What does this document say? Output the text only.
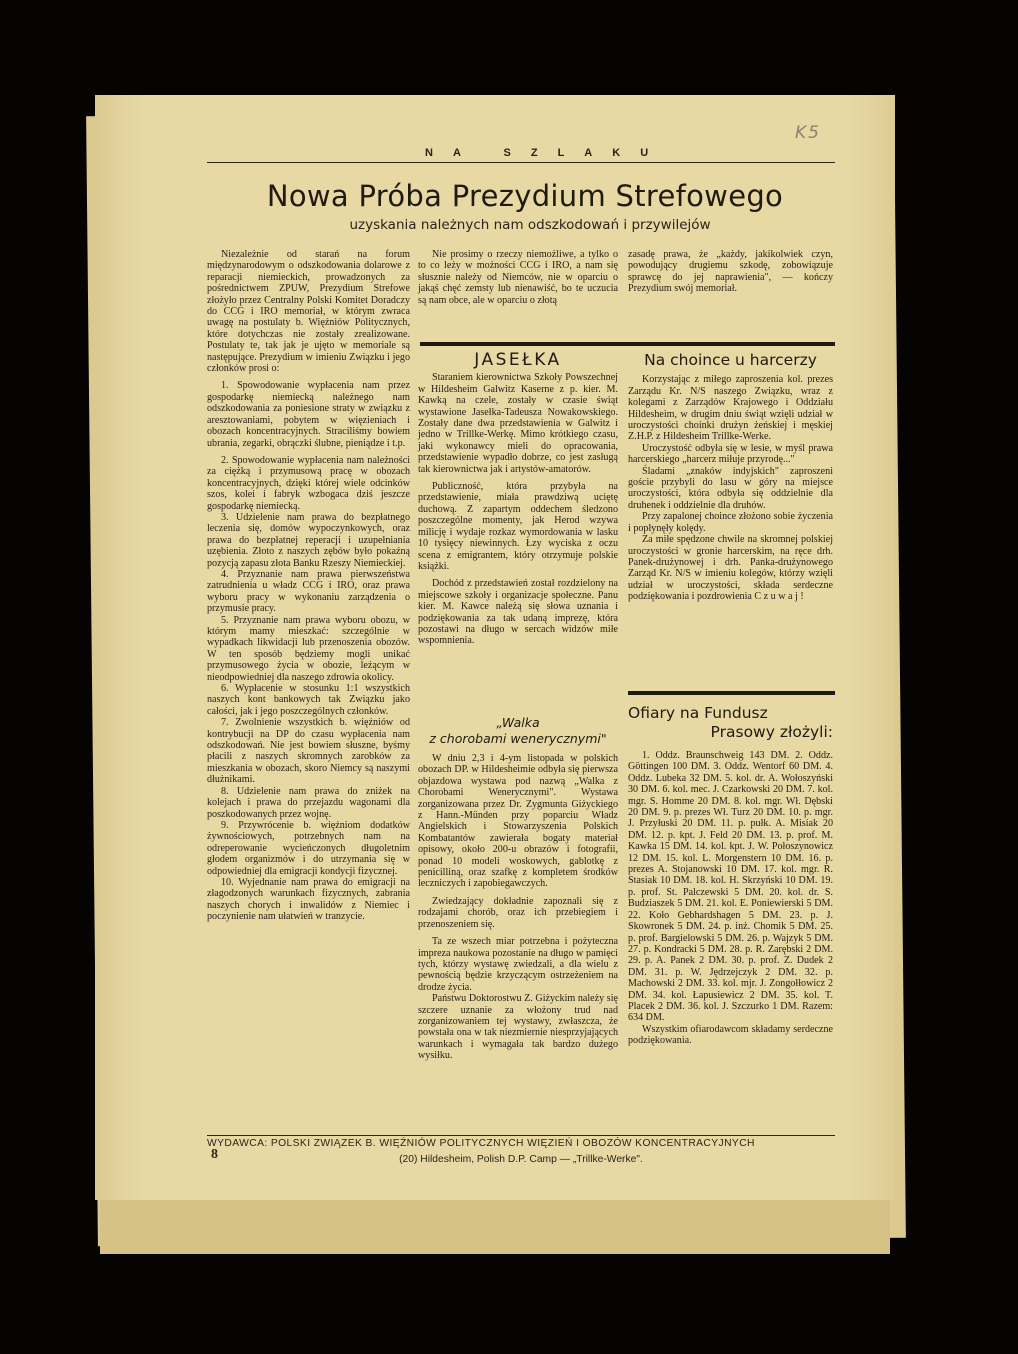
K5
NA SZLAKU
Nowa Próba Prezydium Strefowego
uzyskania należnych nam odszkodowań i przywilejów

Niezależnie od starań na forum międzynarodowym o odszkodowania dolarowe z reparacji niemieckich, prowadzonych za pośrednictwem ZPUW, Prezydium Strefowe złożyło przez Centralny Polski Komitet Doradczy do CCG i IRO memoriał, w którym zwraca uwagę na postulaty b. Więźniów Politycznych, które dotychczas nie zostały zrealizowane. Postulaty te, tak jak je ujęto w memoriale są następujące. Prezydium w imieniu Związku i jego członków prosi o:

1. Spowodowanie wypłacenia nam przez gospodarkę niemiecką należnego nam odszkodowania za poniesione straty w związku z aresztowaniami, pobytem w więzieniach i obozach koncentracyjnych. Straciliśmy bowiem ubrania, zegarki, obrączki ślubne, pieniądze i t.p.

2. Spowodowanie wypłacenia nam należności za ciężką i przymusową pracę w obozach koncentracyjnych, dzięki której wiele odcinków szos, kolei i fabryk wzbogaca dziś jeszcze gospodarkę niemiecką.

3. Udzielenie nam prawa do bezpłatnego leczenia się, domów wypoczynkowych, oraz prawa do bezpłatnej reperacji i uzupełniania uzębienia. Złoto z naszych zębów było pokaźną pozycją zapasu złota Banku Rzeszy Niemieckiej.

4. Przyznanie nam prawa pierwszeństwa zatrudnienia u władz CCG i IRO, oraz prawa wyboru pracy w wykonaniu zarządzenia o przymusie pracy.

5. Przyznanie nam prawa wyboru obozu, w którym mamy mieszkać: szczególnie w wypadkach likwidacji lub przenoszenia obozów. W ten sposób będziemy mogli unikać przymusowego życia w obozie, leżącym w nieodpowiedniej dla naszego zdrowia okolicy.

6. Wypłacenie w stosunku 1:1 wszystkich naszych kont bankowych tak Związku jako całości, jak i jego poszczególnych członków.

7. Zwolnienie wszystkich b. więźniów od kontrybucji na DP do czasu wypłacenia nam odszkodowań. Nie jest bowiem słuszne, byśmy płacili z naszych skromnych zarobków za mieszkania w obozach, skoro Niemcy są naszymi dłużnikami.

8. Udzielenie nam prawa do zniżek na kolejach i prawa do przejazdu wagonami dla poszkodowanych przez wojnę.

9. Przywrócenie b. więźniom dodatków żywnościowych, potrzebnych nam na odreperowanie wycieńczonych długoletnim głodem organizmów i do utrzymania się w odpowiedniej dla emigracji kondycji fizycznej.

10. Wyjednanie nam prawa do emigracji na złagodzonych warunkach fizycznych, zabrania naszych chorych i inwalidów z Niemiec i poczynienie nam ułatwień w tranzycie.

Nie prosimy o rzeczy niemożliwe, a tylko o to co leży w możności CCG i IRO, a nam się słusznie należy od Niemców, nie w oparciu o jakąś chęć zemsty lub nienawiść, bo te uczucia są nam obce, ale w oparciu o złotą

zasadę prawa, że „każdy, jakikolwiek czyn, powodujący drugiemu szkodę, zobowiązuje sprawcę do jej naprawienia", — kończy Prezydium swój memoriał.

JASEŁKA

Staraniem kierownictwa Szkoły Powszechnej w Hildesheim Galwitz Kaserne z p. kier. M. Kawką na czele, zostały w czasie świąt wystawione Jasełka-Tadeusza Nowakowskiego. Zostały dane dwa przedstawienia w Galwitz i jedno w Trillke-Werkę. Mimo krótkiego czasu, jaki wykonawcy mieli do opracowania, przedstawienie wypadło dobrze, co jest zasługą tak kierownictwa jak i artystów-amatorów.

Publiczność, która przybyła na przedstawienie, miała prawdziwą uciętę duchową. Z zapartym oddechem śledzono poszczególne momenty, jak Herod wzywa milicję i wydaje rozkaz wymordowania w lasku 10 tysięcy niewinnych. Łzy wyciska z oczu scena z emigrantem, który otrzymuje polskie książki.

Dochód z przedstawień został rozdzielony na miejscowe szkoły i organizacje społeczne. Panu kier. M. Kawce należą się słowa uznania i podziękowania za tak udaną imprezę, która pozostawi na długo w sercach widzów miłe wspomnienia.

Na choince u harcerzy

Korzystając z miłego zaproszenia kol. prezes Zarządu Kr. N/S naszego Związku, wraz z kolegami z Zarządów Krajowego i Oddziału Hildesheim, w drugim dniu świąt wzięli udział w uroczystości choinki drużyn żeńskiej i męskiej Z.H.P. z Hildesheim Trillke-Werke.

Uroczystość odbyła się w lesie, w myśl prawa harcerskiego „harcerz miłuje przyrodę..."

Śladami „znaków indyjskich" zaproszeni goście przybyli do lasu w góry na miejsce uroczystości, która odbyła się oddzielnie dla druhenek i oddzielnie dla druhów.

Przy zapalonej choince złożono sobie życzenia i popłynęły kolędy.

Za miłe spędzone chwile na skromnej polskiej uroczystości w gronie harcerskim, na ręce drh. Panek-drużynowej i drh. Panka-drużynowego Zarząd Kr. N/S w imieniu kolegów, którzy wzięli udział w uroczystości, składa serdeczne podziękowania i pozdrowienia C z u w a j !

„Walka
z chorobami wenerycznymi"

W dniu 2,3 i 4-ym listopada w polskich obozach DP. w Hildesheimie odbyła się pierwsza objazdowa wystawa pod nazwą „Walka z Chorobami Wenerycznymi". Wystawa zorganizowana przez Dr. Zygmunta Giżyckiego z Hann.-Münden przy poparciu Władz Angielskich i Stowarzyszenia Polskich Kombatantów zawierała bogaty materiał opisowy, około 200-u obrazów i fotografii, ponad 10 modeli woskowych, gablotkę z penicilliną, oraz szafkę z kompletem środków leczniczych i zapobiegawczych.

Zwiedzający dokładnie zapoznali się z rodzajami chorób, oraz ich przebiegiem i przenoszeniem się.

Ta ze wszech miar potrzebna i pożyteczna impreza naukowa pozostanie na długo w pamięci tych, którzy wystawę zwiedzali, a dla wielu z pewnością będzie krzyczącym ostrzeżeniem na drodze życia.

Państwu Doktorostwu Z. Giżyckim należy się szczere uznanie za włożony trud nad zorganizowaniem tej wystawy, zwłaszcza, że powstała ona w tak niezmiernie niesprzyjających warunkach i wymagała tak bardzo dużego wysiłku.

Ofiary na Fundusz
Prasowy złożyli:

1. Oddz. Braunschweig 143 DM. 2. Oddz. Göttingen 100 DM. 3. Oddz. Wentorf 60 DM. 4. Oddz. Lubeka 32 DM. 5. kol. dr. A. Wołoszyński 30 DM. 6. kol. mec. J. Czarkowski 20 DM. 7. kol. mgr. S. Homme 20 DM. 8. kol. mgr. Wł. Dębski 20 DM. 9. p. prezes Wł. Turz 20 DM. 10. p. mgr. J. Przyłuski 20 DM. 11. p. pułk. A. Misiak 20 DM. 12. p. kpt. J. Feld 20 DM. 13. p. prof. M. Kawka 15 DM. 14. kol. kpt. J. W. Połoszynowicz 12 DM. 15. kol. L. Morgenstern 10 DM. 16. p. prezes A. Stojanowski 10 DM. 17. kol. mgr. R. Stasiak 10 DM. 18. kol. H. Skrzyński 10 DM. 19. p. prof. St. Palczewski 5 DM. 20. kol. dr. S. Budziaszek 5 DM. 21. kol. E. Poniewierski 5 DM. 22. Koło Gebhardshagen 5 DM. 23. p. J. Skowronek 5 DM. 24. p. inż. Chomik 5 DM. 25. p. prof. Bargielowski 5 DM. 26. p. Wajzyk 5 DM. 27. p. Kondracki 5 DM. 28. p. R. Zarębski 2 DM. 29. p. A. Panek 2 DM. 30. p. prof. Z. Dudek 2 DM. 31. p. W. Jędrzejczyk 2 DM. 32. p. Machowski 2 DM. 33. kol. mjr. J. Zongołłowicz 2 DM. 34. kol. Łapusiewicz 2 DM. 35. kol. T. Placek 2 DM. 36. kol. J. Szczurko 1 DM. Razem: 634 DM.

Wszystkim ofiarodawcom składamy serdeczne podziękowania.

WYDAWCA: POLSKI ZWIĄZEK B. WIĘŹNIÓW POLITYCZNYCH WIĘZIEŃ I OBOZÓW KONCENTRACYJNYCH
8	(20) Hildesheim, Polish D.P. Camp — „Trillke-Werke".
